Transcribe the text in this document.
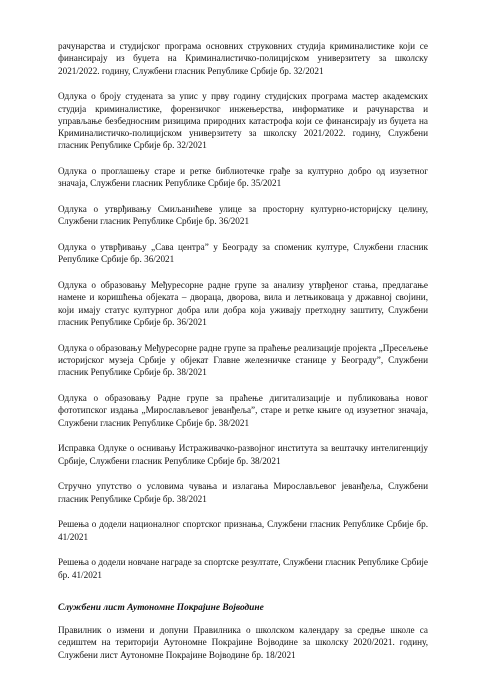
рачунарства и студијског програма основних струковних студија криминалистике који се финансирају из буџета на Криминалистичко-полицијском универзитету за школску 2021/2022. годину, Службени гласник Републике Србије бр. 32/2021

Одлука о броју студената за упис у прву годину студијских програма мастер академских студија криминалистике, форензичког инжењерства, информатике и рачунарства и управљање безбедносним ризицима природних катастрофа који се финансирају из буџета на Криминалистичко-полицијском универзитету за школску 2021/2022. годину, Службени гласник Републике Србије бр. 32/2021

Одлука о проглашењу старе и ретке библиотечке грађе за културно добро од изузетног значаја, Службени гласник Републике Србије бр. 35/2021

Одлука о утврђивању Смиљанићеве улице за просторну културно-историјску целину, Службени гласник Републике Србије бр. 36/2021

Одлука о утврђивању „Сава центра” у Београду за споменик културе, Службени гласник Републике Србије бр. 36/2021

Одлука о образовању Међуресорне радне групе за анализу утврђеног стања, предлагање намене и коришћења објеката – двораца, дворова, вила и летњиковаца у државној својини, који имају статус културног добра или добра која уживају претходну заштиту, Службени гласник Републике Србије бр. 36/2021

Одлука о образовању Међуресорне радне групе за праћење реализације пројекта „Пресељење историјског музеја Србије у објекат Главне железничке станице у Београду”, Службени гласник Републике Србије бр. 38/2021

Одлука о образовању Радне групе за праћење дигитализације и публиковања новог фототипског издања „Мирослављевог јеванђеља”, старе и ретке књиге од изузетног значаја, Службени гласник Републике Србије бр. 38/2021

Исправка Одлуке о оснивању Истраживачко-развојног института за вештачку интелигенцију Србије, Службени гласник Републике Србије бр. 38/2021

Стручно упутство о условима чувања и излагања Мирослављевог јеванђеља, Службени гласник Републике Србије бр. 38/2021

Решења о додели националног спортског признања, Службени гласник Републике Србије бр. 41/2021

Решења о додели новчане награде за спортске резултате, Службени гласник Републике Србије бр. 41/2021

Службени лист Аутономне Покрајине Војводине

Правилник о измени и допуни Правилника о школском календару за средње школе са седиштем на територији Аутономне Покрајине Војводине за школску 2020/2021. годину, Службени лист Аутономне Покрајине Војводине бр. 18/2021
